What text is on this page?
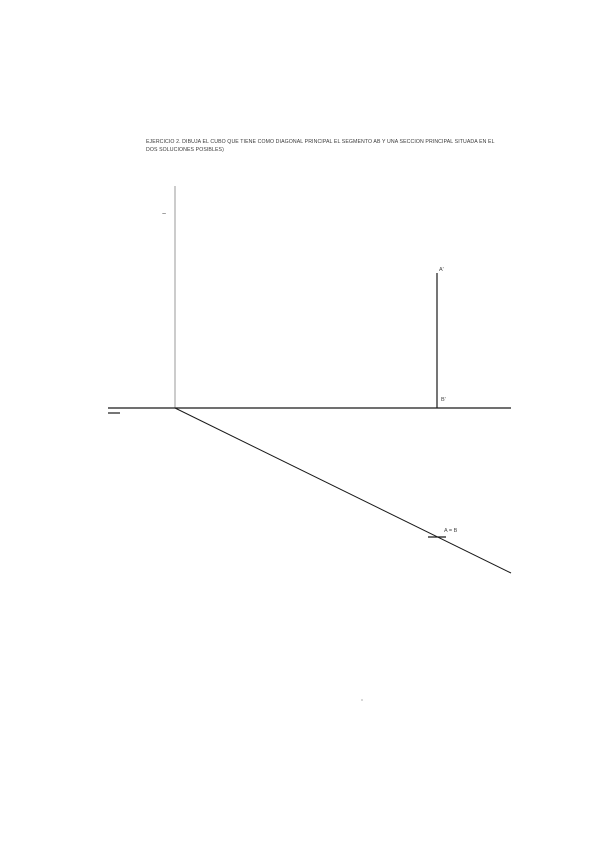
EJERCICIO 2. DIBUJA EL CUBO QUE TIENE COMO DIAGONAL PRINCIPAL EL SEGMENTO AB Y UNA SECCION PRINCIPAL SITUADA EN EL
DOS SOLUCIONES POSIBLES)
~
A'
B'
A = B
